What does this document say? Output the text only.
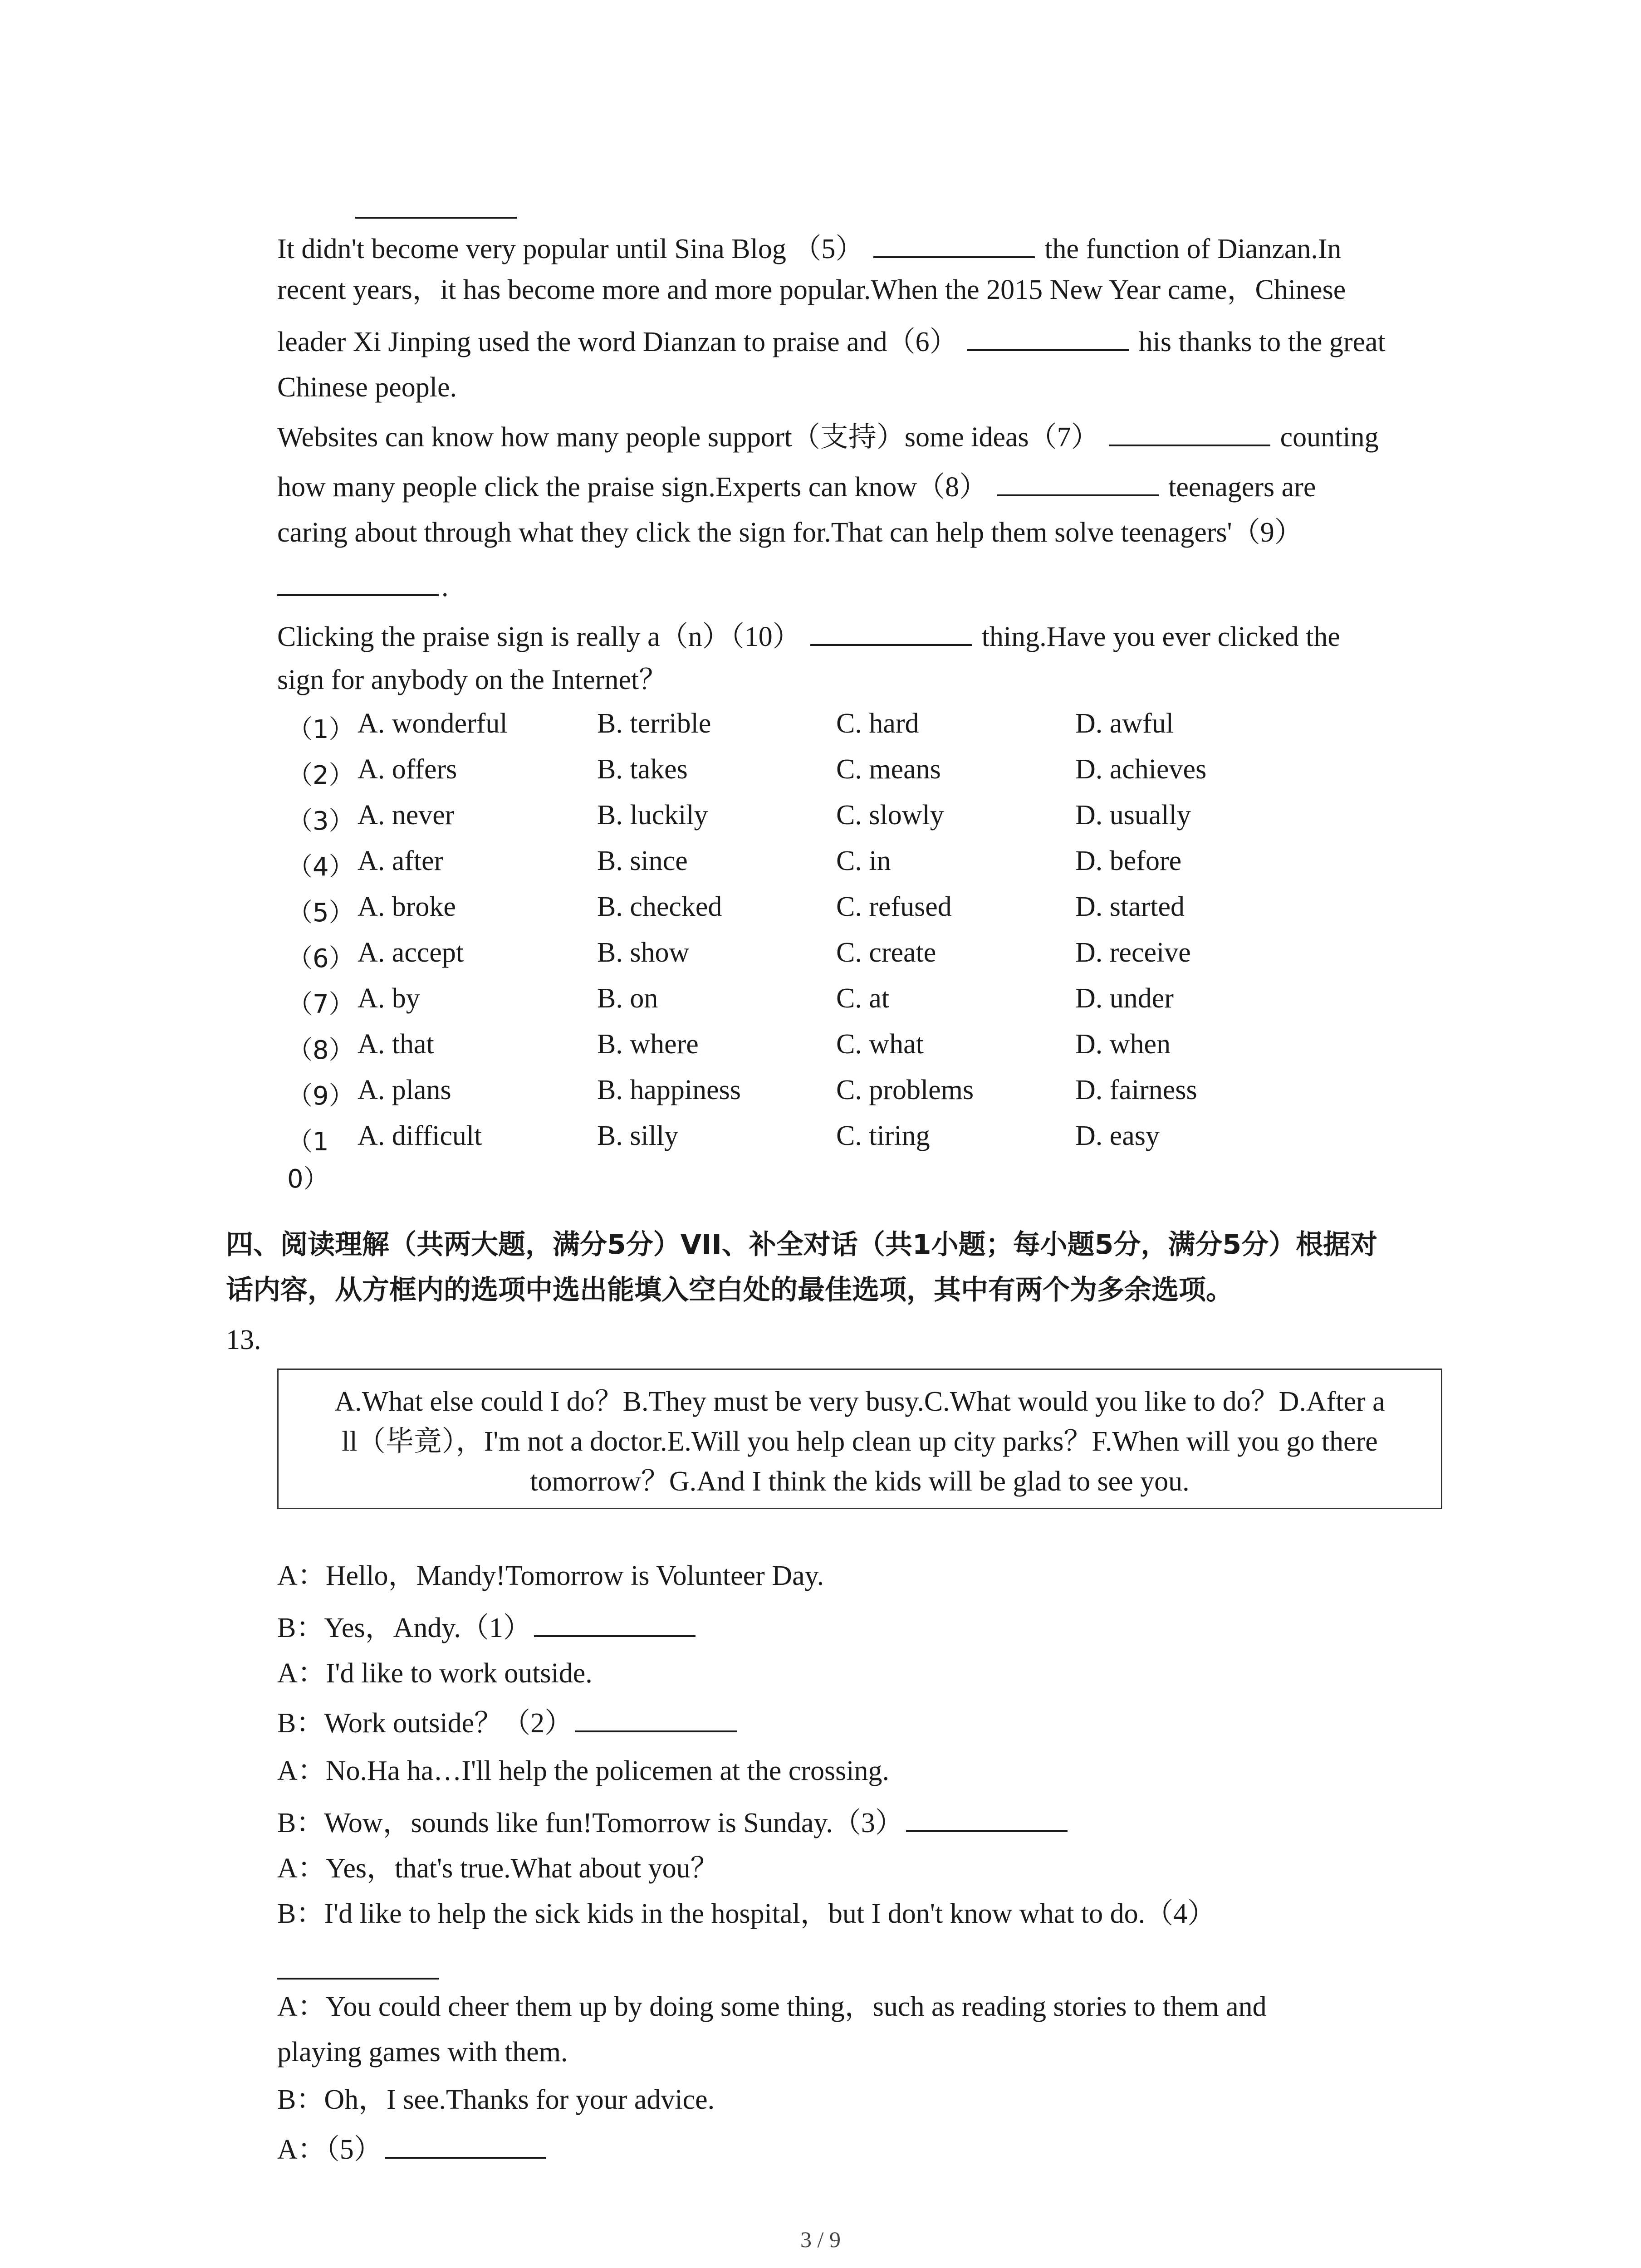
It didn't become very popular until Sina Blog （5）	the function of Dianzan.In
recent years，it has become more and more popular.When the 2015 New Year came，Chinese
leader Xi Jinping used the word Dianzan to praise and（6）	his thanks to the great
Chinese people.
Websites can know how many people support（支持）some ideas（7）	counting
how many people click the praise sign.Experts can know（8）	teenagers are
caring about through what they click the sign for.That can help them solve teenagers'（9）
.
Clicking the praise sign is really a（n）（10）	thing.Have you ever clicked the
sign for anybody on the Internet？
（1） A. wonderful	B. terrible	C. hard	D. awful
（2） A. offers	B. takes	C. means	D. achieves
（3） A. never	B. luckily	C. slowly	D. usually
（4） A. after	B. since	C. in	D. before
（5） A. broke	B. checked	C. refused	D. started
（6） A. accept	B. show	C. create	D. receive
（7） A. by	B. on	C. at	D. under
（8） A. that	B. where	C. what	D. when
（9） A. plans	B. happiness	C. problems	D. fairness
（1 A. difficult	B. silly	C. tiring	D. easy
0）
四、阅读理解（共两大题，满分5分）VII、补全对话（共1小题；每小题5分，满分5分）根据对
话内容，从方框内的选项中选出能填入空白处的最佳选项，其中有两个为多余选项。
13.

A.What else could I do？B.They must be very busy.C.What would you like to do？D.After a

ll（毕竟），I'm not a doctor.E.Will you help clean up city parks？F.When will you go there

tomorrow？G.And I think the kids will be glad to see you.

A：Hello，Mandy!Tomorrow is Volunteer Day.
B：Yes，Andy.（1）
A：I'd like to work outside.
B：Work outside？（2）
A：No.Ha ha…I'll help the policemen at the crossing.
B：Wow，sounds like fun!Tomorrow is Sunday.（3）
A：Yes，that's true.What about you？
B：I'd like to help the sick kids in the hospital，but I don't know what to do.（4）
A：You could cheer them up by doing some thing，such as reading stories to them and
playing games with them.
B：Oh，I see.Thanks for your advice.
A：（5）
3 / 9
